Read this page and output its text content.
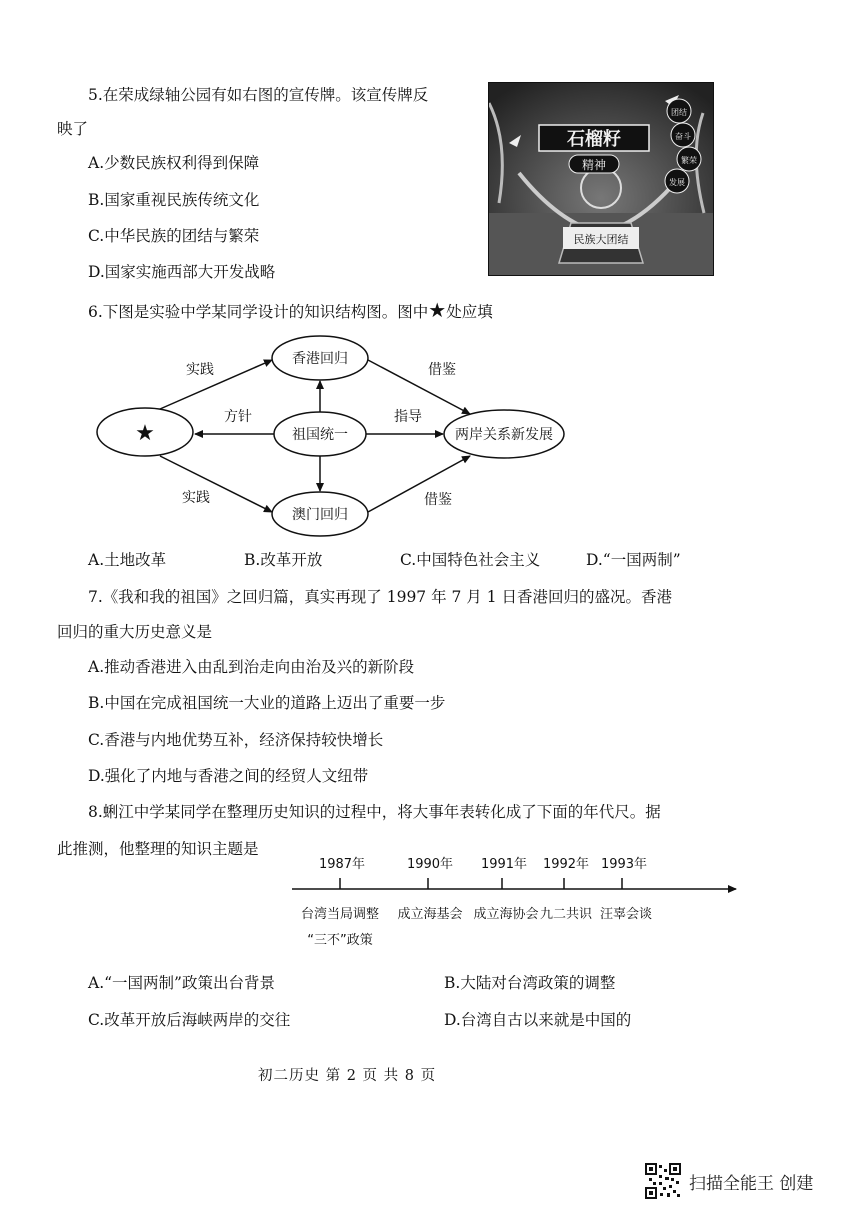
5.在荣成绿轴公园有如右图的宣传牌。该宣传牌反
映了
A.少数民族权利得到保障
B.国家重视民族传统文化
C.中华民族的团结与繁荣
D.国家实施西部大开发战略
石榴籽
精神
团结
奋斗
繁荣
发展
民族大团结
6.下图是实验中学某同学设计的知识结构图。图中★处应填
★
香港回归
祖国统一
澳门回归
两岸关系新发展
实践
实践
方针	指导
借鉴
借鉴
A.土地改革	B.改革开放	C.中国特色社会主义	D.“一国两制”
7.《我和我的祖国》之回归篇，真实再现了 1997 年 7 月 1 日香港回归的盛况。香港
回归的重大历史意义是
A.推动香港进入由乱到治走向由治及兴的新阶段
B.中国在完成祖国统一大业的道路上迈出了重要一步
C.香港与内地优势互补，经济保持较快增长
D.强化了内地与香港之间的经贸人文纽带
8.蜊江中学某同学在整理历史知识的过程中，将大事年表转化成了下面的年代尺。据
此推测，他整理的知识主题是
1987年	1990年 1991年 1992年 1993年
台湾当局调整
“三不”政策
成立海基会 成立海协会 九二共识 汪辜会谈
A.“一国两制”政策出台背景	B.大陆对台湾政策的调整
C.改革开放后海峡两岸的交往	D.台湾自古以来就是中国的
初二历史 第 2 页 共 8 页
扫描全能王 创建
